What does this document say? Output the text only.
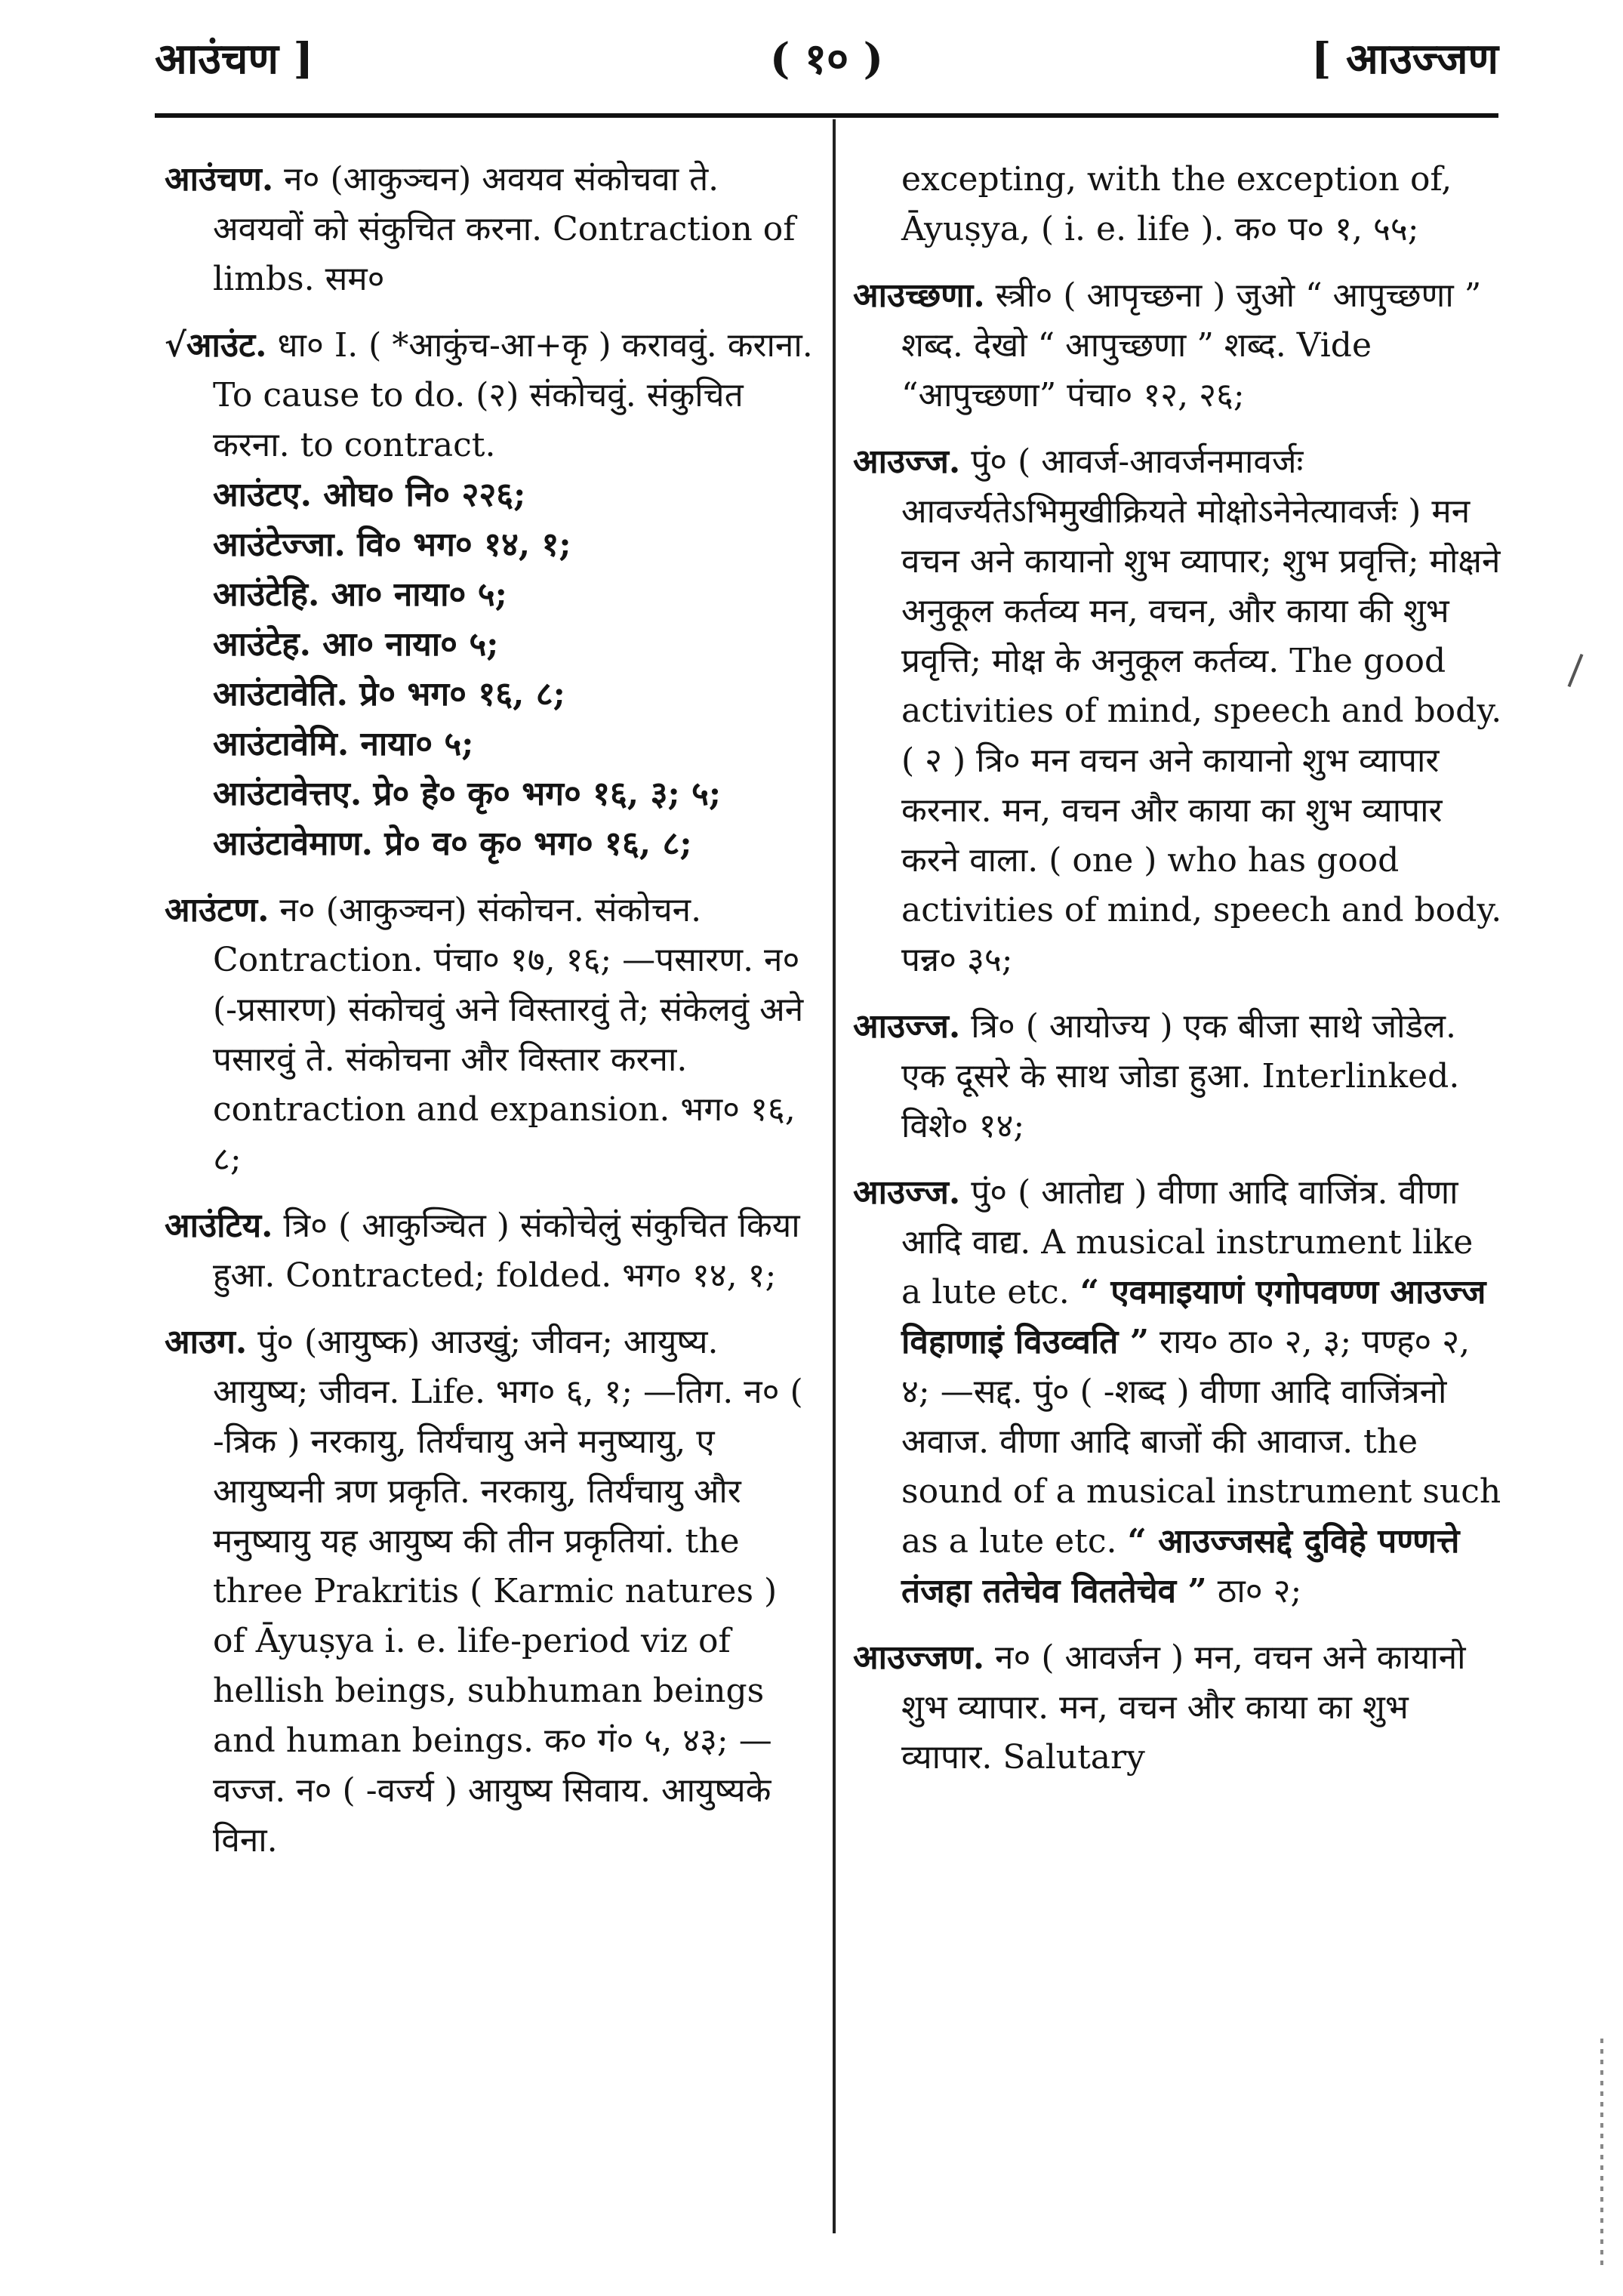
आउंचण ]	( १० )	[ आउज्जण

आउंचण. न० (आकुञ्चन) अवयव संकोचवा ते. अवयवों को संकुचित करना. Contraction of limbs. सम०

√आउंट. धा० I. ( *आकुंच-आ+कृ ) कराववुं. कराना. To cause to do. (२) संकोचवुं. संकुचित करना. to contract.
आउंटए. ओघ० नि० २२६;
आउंटेज्जा. वि० भग० १४, १;
आउंटेहि. आ० नाया० ५;
आउंटेह. आ० नाया० ५;
आउंटावेति. प्रे० भग० १६, ८;
आउंटावेमि. नाया० ५;
आउंटावेत्तए. प्रे० हे० कृ० भग० १६, ३; ५;
आउंटावेमाण. प्रे० व० कृ० भग० १६, ८;

आउंटण. न० (आकुञ्चन) संकोचन. संकोचन. Contraction. पंचा० १७, १६; —पसारण. न० (-प्रसारण) संकोचवुं अने विस्तारवुं ते; संकेलवुं अने पसारवुं ते. संकोचना और विस्तार करना. contraction and expansion. भग० १६, ८;

आउंटिय. त्रि० ( आकुञ्चित ) संकोचेलुं संकुचित किया हुआ. Contracted; folded. भग० १४, १;

आउग. पुं० (आयुष्क) आउखुं; जीवन; आयुष्य. आयुष्य; जीवन. Life. भग० ६, १; —तिग. न० ( -त्रिक ) नरकायु, तिर्यंचायु अने मनुष्यायु, ए आयुष्यनी त्रण प्रकृति. नरकायु, तिर्यंचायु और मनुष्यायु यह आयुष्य की तीन प्रकृतियां. the three Prakritis ( Karmic natures ) of Āyuṣya i. e. life-period viz of hellish beings, subhuman beings and human beings. क० गं० ५, ४३; —वज्ज. न० ( -वर्ज्य ) आयुष्य सिवाय. आयुष्यके विना.

excepting, with the exception of, Āyuṣya, ( i. e. life ). क० प० १, ५५;

आउच्छणा. स्त्री० ( आपृच्छना ) जुओ “ आपुच्छणा ” शब्द. देखो “ आपुच्छणा ” शब्द. Vide “आपुच्छणा” पंचा० १२, २६;

आउज्ज. पुं० ( आवर्ज-आवर्जनमावर्जः आवर्ज्यतेऽभिमुखीक्रियते मोक्षोऽनेनेत्यावर्जः ) मन वचन अने कायानो शुभ व्यापार; शुभ प्रवृत्ति; मोक्षने अनुकूल कर्तव्य मन, वचन, और काया की शुभ प्रवृत्ति; मोक्ष के अनुकूल कर्तव्य. The good activities of mind, speech and body. ( २ ) त्रि० मन वचन अने कायानो शुभ व्यापार करनार. मन, वचन और काया का शुभ व्यापार करने वाला. ( one ) who has good activities of mind, speech and body. पन्न० ३५;

आउज्ज. त्रि० ( आयोज्य ) एक बीजा साथे जोडेल. एक दूसरे के साथ जोडा हुआ. Interlinked. विशे० १४;

आउज्ज. पुं० ( आतोद्य ) वीणा आदि वाजिंत्र. वीणा आदि वाद्य. A musical instrument like a lute etc. “ एवमाइयाणं एगोपवण्ण आउज्ज विहाणाइं विउव्वति ” राय० ठा० २, ३; पण्ह० २, ४; —सद्द. पुं० ( -शब्द ) वीणा आदि वाजिंत्रनो अवाज. वीणा आदि बाजों की आवाज. the sound of a musical instrument such as a lute etc. “ आउज्जसद्दे दुविहे पण्णत्ते तंजहा ततेचेव विततेचेव ” ठा० २;

आउज्जण. न० ( आवर्जन ) मन, वचन अने कायानो शुभ व्यापार. मन, वचन और काया का शुभ व्यापार. Salutary
